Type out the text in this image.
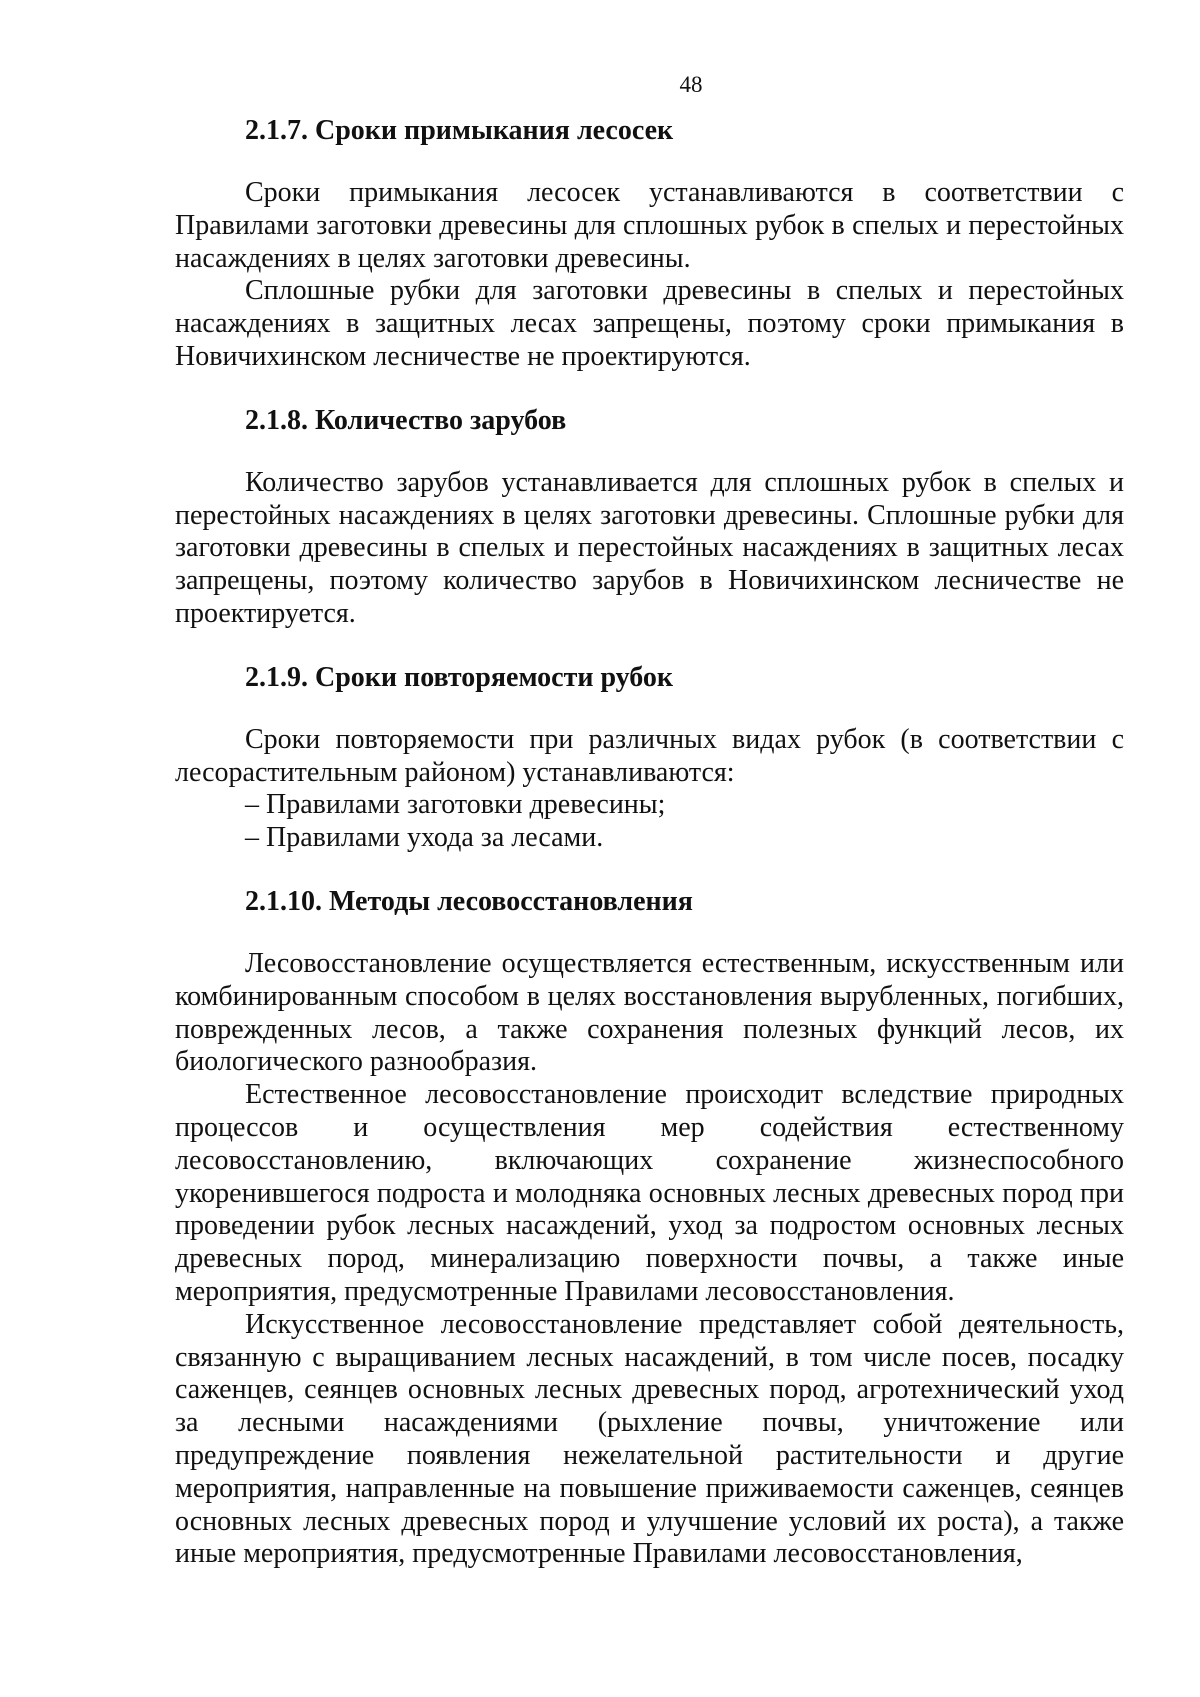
48
2.1.7. Сроки примыкания лесосек

Сроки примыкания лесосек устанавливаются в соответствии с Правилами заготовки древесины для сплошных рубок в спелых и перестойных насаждениях в целях заготовки древесины.

Сплошные рубки для заготовки древесины в спелых и перестойных насаждениях в защитных лесах запрещены, поэтому сроки примыкания в Новичихинском лесничестве не проектируются.

2.1.8. Количество зарубов

Количество зарубов устанавливается для сплошных рубок в спелых и перестойных насаждениях в целях заготовки древесины. Сплошные рубки для заготовки древесины в спелых и перестойных насаждениях в защитных лесах запрещены, поэтому количество зарубов в Новичихинском лесничестве не проектируется.

2.1.9. Сроки повторяемости рубок

Сроки повторяемости при различных видах рубок (в соответствии с лесорастительным районом) устанавливаются:

– Правилами заготовки древесины;
– Правилами ухода за лесами.
2.1.10. Методы лесовосстановления

Лесовосстановление осуществляется естественным, искусственным или комбинированным способом в целях восстановления вырубленных, погибших, поврежденных лесов, а также сохранения полезных функций лесов, их биологического разнообразия.

Естественное лесовосстановление происходит вследствие природных процессов и осуществления мер содействия естественному лесовосстановлению, включающих сохранение жизнеспособного укоренившегося подроста и молодняка основных лесных древесных пород при проведении рубок лесных насаждений, уход за подростом основных лесных древесных пород, минерализацию поверхности почвы, а также иные мероприятия, предусмотренные Правилами лесовосстановления.

Искусственное лесовосстановление представляет собой деятельность, связанную с выращиванием лесных насаждений, в том числе посев, посадку саженцев, сеянцев основных лесных древесных пород, агротехнический уход за лесными насаждениями (рыхление почвы, уничтожение или предупреждение появления нежелательной растительности и другие мероприятия, направленные на повышение приживаемости саженцев, сеянцев основных лесных древесных пород и улучшение условий их роста), а также иные мероприятия, предусмотренные Правилами лесовосстановления,
